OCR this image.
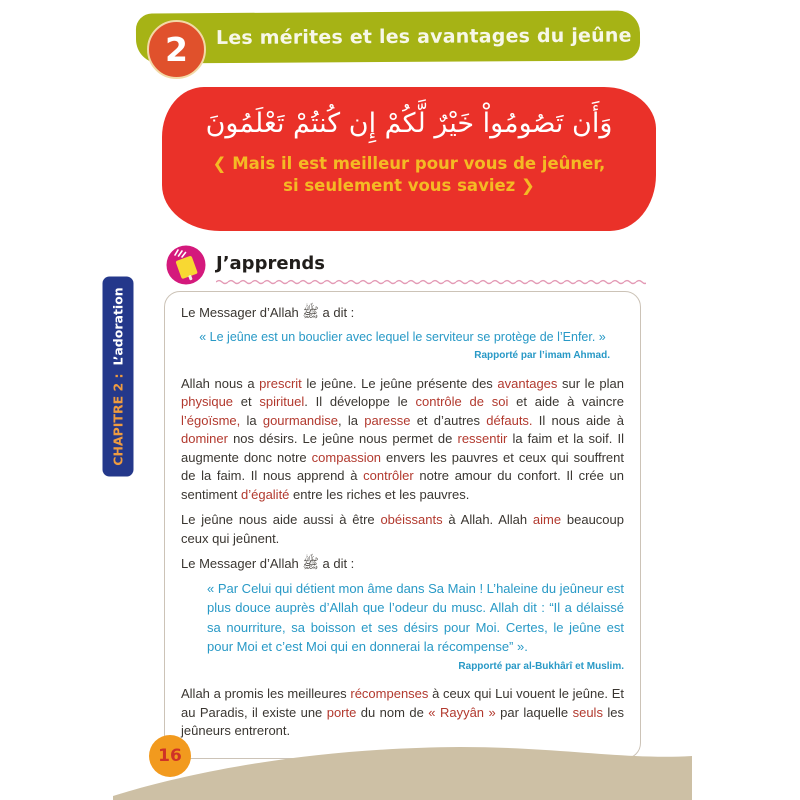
Les mérites et les avantages du jeûne
2
وَأَن تَصُومُواْ خَيْرٌ لَّكُمْ إِن كُنتُمْ تَعْلَمُونَ
❮ Mais il est meilleur pour vous de jeûner,
si seulement vous saviez ❯
J’apprends

Le Messager d’Allah ﷺ a dit :

« Le jeûne est un bouclier avec lequel le serviteur se protège de l’Enfer. »

Rapporté par l’imam Ahmad.

Allah nous a prescrit le jeûne. Le jeûne présente des avantages sur le plan physique et spirituel. Il développe le contrôle de soi et aide à vaincre l’égoïsme, la gourmandise, la paresse et d’autres défauts. Il nous aide à dominer nos désirs. Le jeûne nous permet de ressentir la faim et la soif. Il augmente donc notre compassion envers les pauvres et ceux qui souffrent de la faim. Il nous apprend à contrôler notre amour du confort. Il crée un sentiment d’égalité entre les riches et les pauvres.

Le jeûne nous aide aussi à être obéissants à Allah. Allah aime beaucoup ceux qui jeûnent.

Le Messager d’Allah ﷺ a dit :

« Par Celui qui détient mon âme dans Sa Main ! L’haleine du jeûneur est plus douce auprès d’Allah que l’odeur du musc. Allah dit : “Il a délaissé sa nourriture, sa boisson et ses désirs pour Moi. Certes, le jeûne est pour Moi et c’est Moi qui en donnerai la récompense” ».

Rapporté par al-Bukhârî et Muslim.

Allah a promis les meilleures récompenses à ceux qui Lui vouent le jeûne. Et au Paradis, il existe une porte du nom de « Rayyân » par laquelle seuls les jeûneurs entreront.

CHAPITRE 2 :
L’adoration
16
